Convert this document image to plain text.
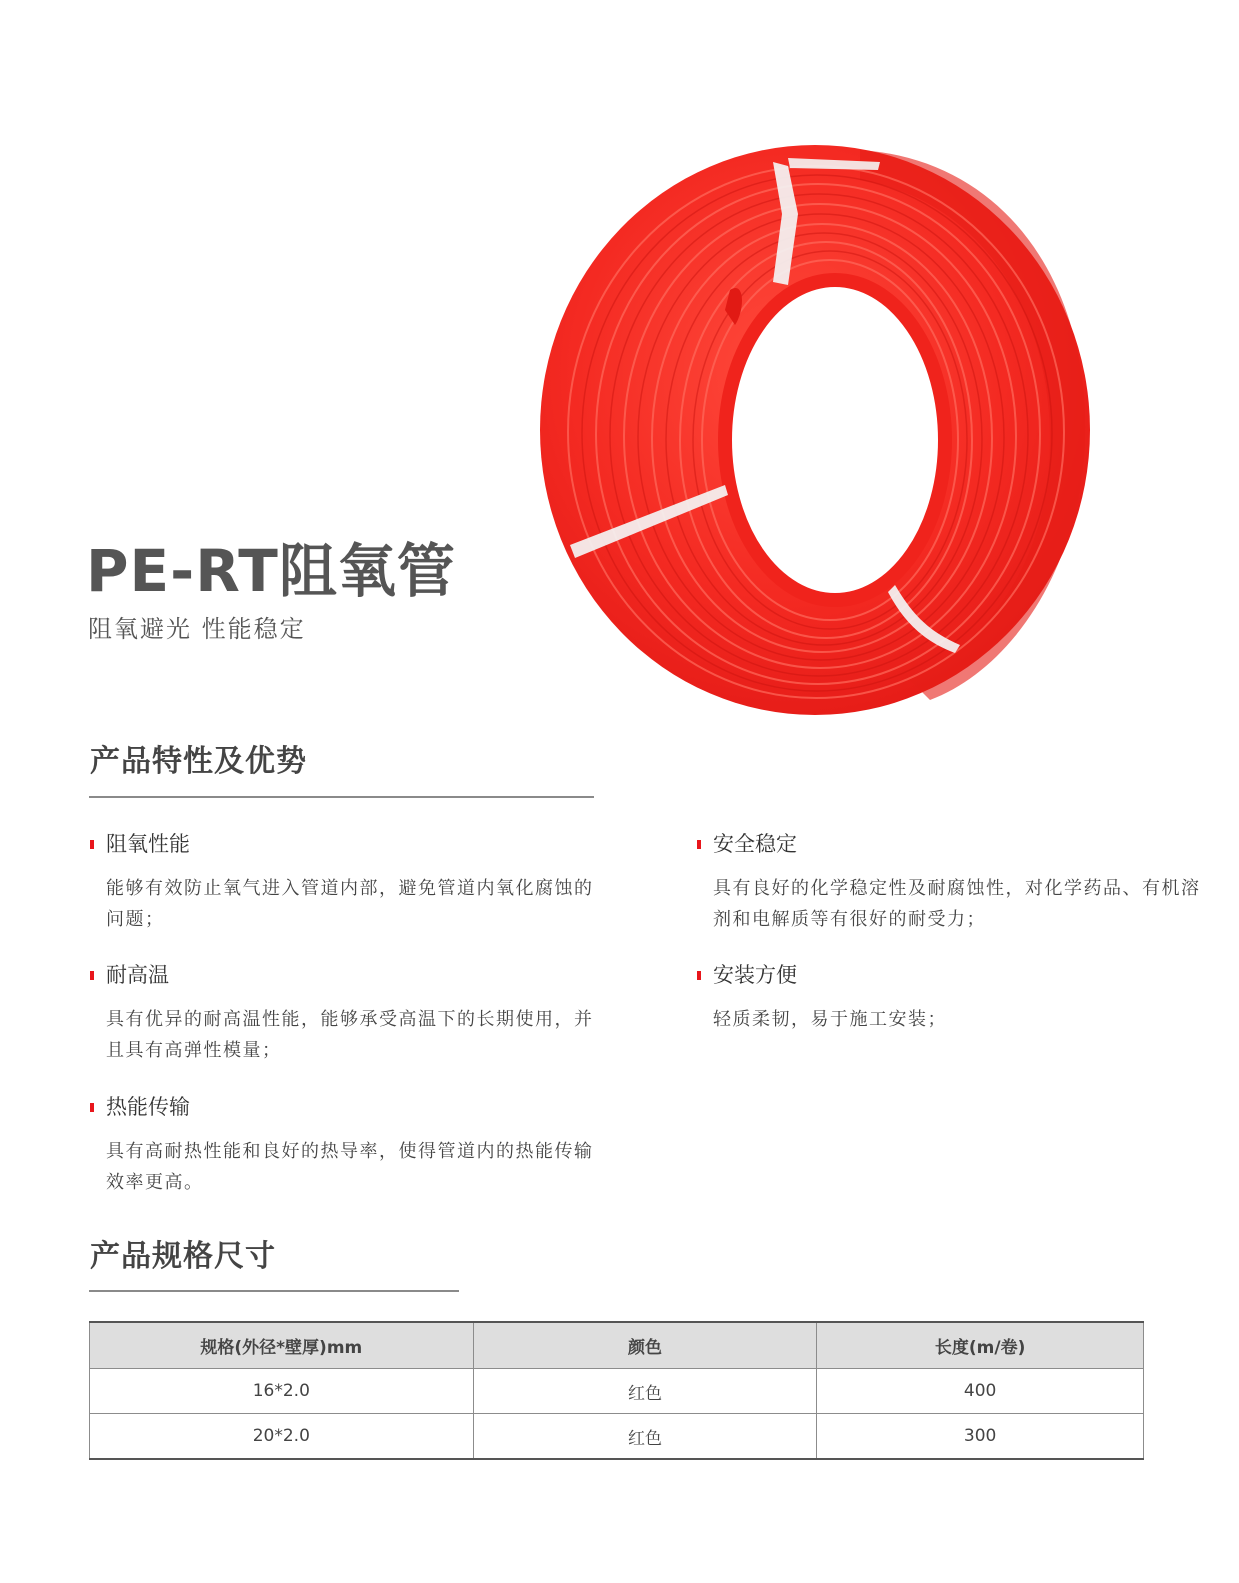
PE-RT阻氧管

阻氧避光 性能稳定

产品特性及优势
阻氧性能

能够有效防止氧气进入管道内部，避免管道内氧化腐蚀的问题；

安全稳定

具有良好的化学稳定性及耐腐蚀性，对化学药品、有机溶剂和电解质等有很好的耐受力；

耐高温

具有优异的耐高温性能，能够承受高温下的长期使用，并且具有高弹性模量；

安装方便

轻质柔韧，易于施工安装；

热能传输

具有高耐热性能和良好的热导率，使得管道内的热能传输效率更高。

产品规格尺寸
规格(外径*壁厚)mm	颜色	长度(m/卷)
16*2.0	红色	400
20*2.0	红色	300
